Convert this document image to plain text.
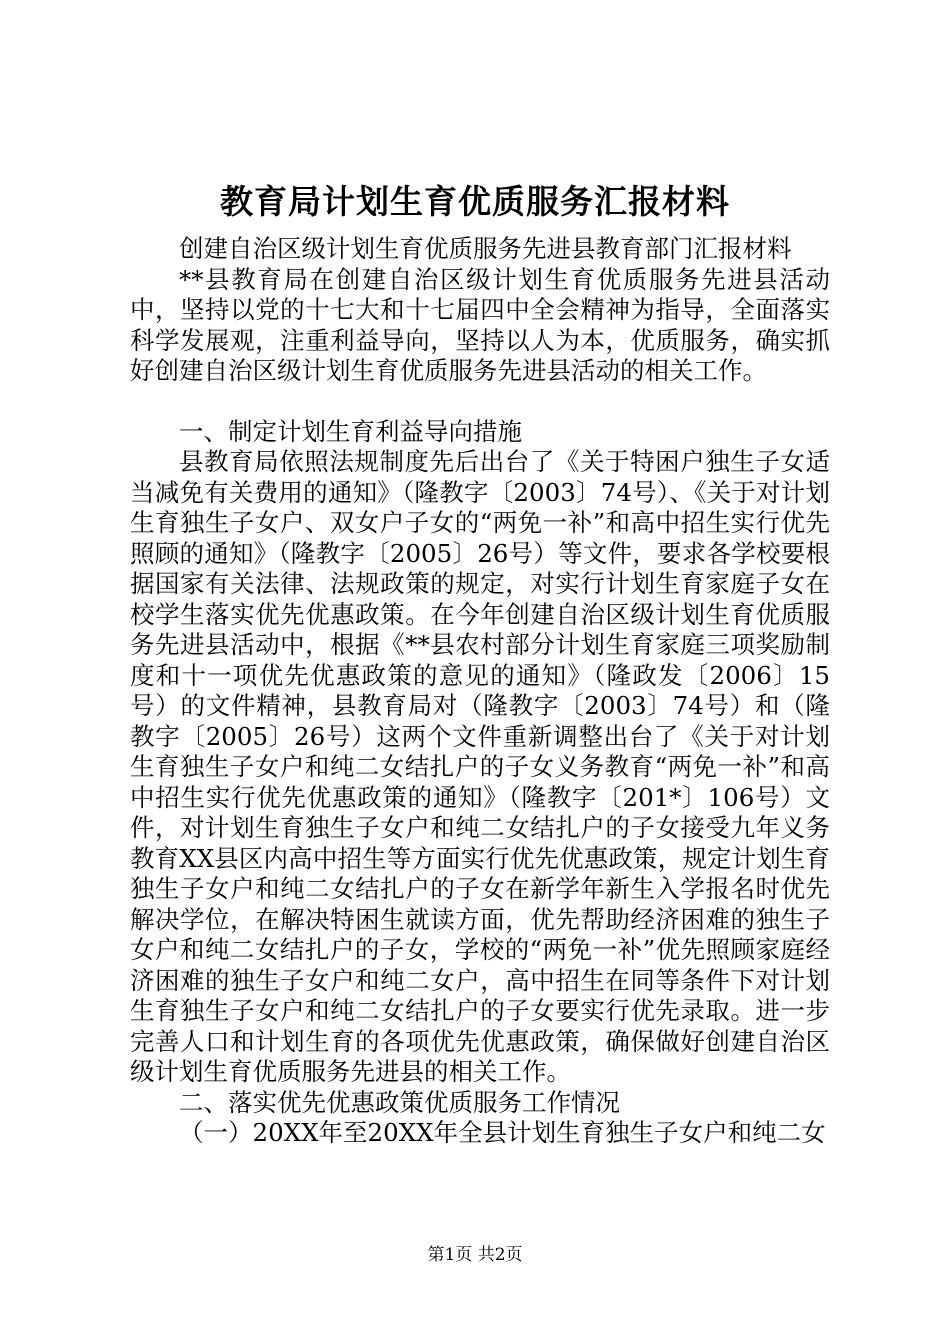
教育局计划生育优质服务汇报材料

创建自治区级计划生育优质服务先进县教育部门汇报材料

**县教育局在创建自治区级计划生育优质服务先进县活动中，坚持以党的十七大和十七届四中全会精神为指导，全面落实科学发展观，注重利益导向，坚持以人为本，优质服务，确实抓好创建自治区级计划生育优质服务先进县活动的相关工作。

一、制定计划生育利益导向措施

县教育局依照法规制度先后出台了《关于特困户独生子女适当减免有关费用的通知》（隆教字〔2003〕74号）、《关于对计划生育独生子女户、双女户子女的“两免一补”和高中招生实行优先照顾的通知》（隆教字〔2005〕26号）等文件，要求各学校要根据国家有关法律、法规政策的规定，对实行计划生育家庭子女在校学生落实优先优惠政策。在今年创建自治区级计划生育优质服务先进县活动中，根据《**县农村部分计划生育家庭三项奖励制度和十一项优先优惠政策的意见的通知》（隆政发〔2006〕15号）的文件精神，县教育局对（隆教字〔2003〕74号）和（隆教字〔2005〕26号）这两个文件重新调整出台了《关于对计划生育独生子女户和纯二女结扎户的子女义务教育“两免一补”和高中招生实行优先优惠政策的通知》（隆教字〔201*〕106号）文件，对计划生育独生子女户和纯二女结扎户的子女接受九年义务教育XX县区内高中招生等方面实行优先优惠政策，规定计划生育独生子女户和纯二女结扎户的子女在新学年新生入学报名时优先解决学位，在解决特困生就读方面，优先帮助经济困难的独生子女户和纯二女结扎户的子女，学校的“两免一补”优先照顾家庭经济困难的独生子女户和纯二女户，高中招生在同等条件下对计划生育独生子女户和纯二女结扎户的子女要实行优先录取。进一步完善人口和计划生育的各项优先优惠政策，确保做好创建自治区级计划生育优质服务先进县的相关工作。

二、落实优先优惠政策优质服务工作情况

（一）20XX年至20XX年全县计划生育独生子女户和纯二女

第1页 共2页
